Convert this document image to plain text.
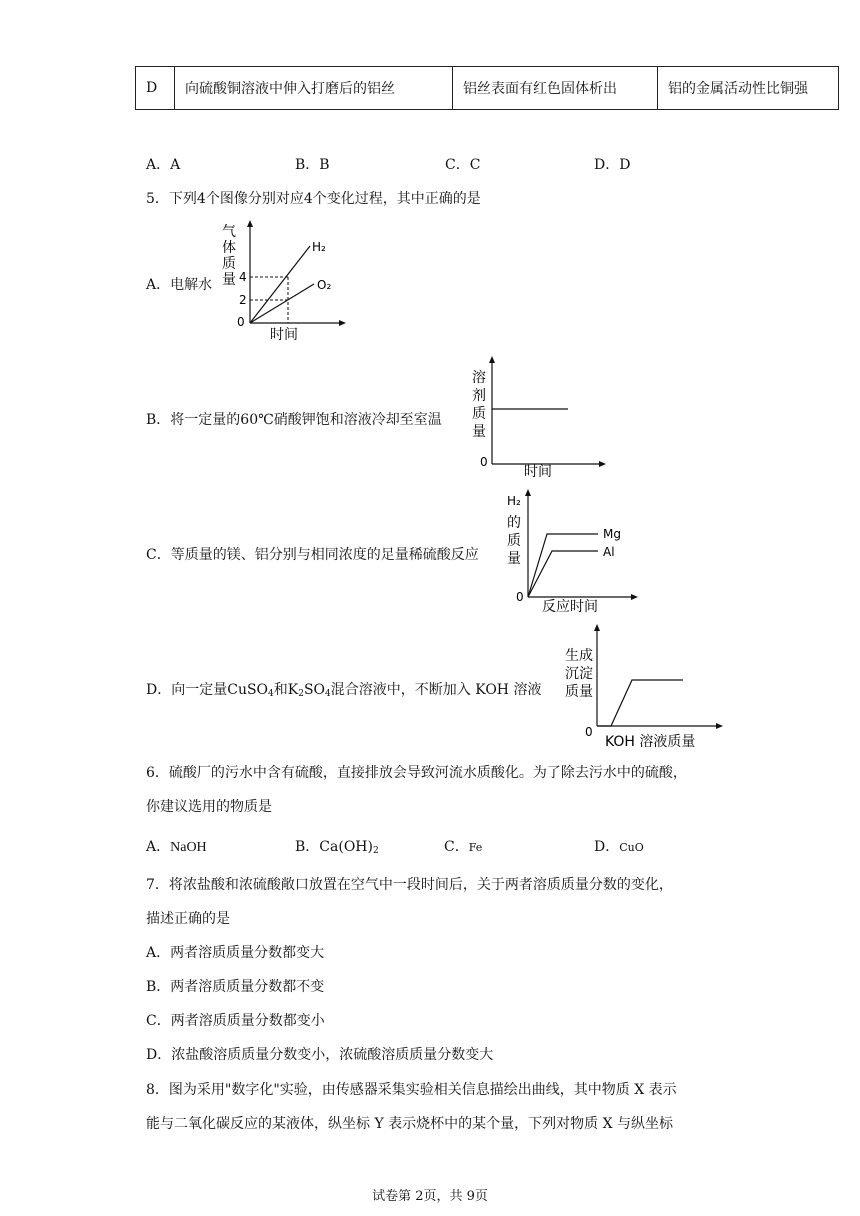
D	向硫酸铜溶液中伸入打磨后的铝丝	铝丝表面有红色固体析出	铝的金属活动性比铜强
A．A	B．B	C．C	D．D
5．下列4个图像分别对应4个变化过程，其中正确的是
A．电解水
H₂
O₂
4
2
0
时间
气体质量
B．将一定量的60℃硝酸钾饱和溶液冷却至室温
0
时间
溶剂质量
C．等质量的镁、铝分别与相同浓度的足量稀硫酸反应
Mg
Al
0
反应时间
H₂
的质量
D．向一定量CuSO$_4$和$K_2SO_4$混合溶液中，不断加入 KOH 溶液
0
KOH 溶液质量
生成沉淀质量
6．硫酸厂的污水中含有硫酸，直接排放会导致河流水质酸化。为了除去污水中的硫酸，
你建议选用的物质是
A．NaOH	B．$Ca(OH)_2$	C．Fe	D．CuO
7．将浓盐酸和浓硫酸敞口放置在空气中一段时间后，关于两者溶质质量分数的变化，
描述正确的是
A．两者溶质质量分数都变大
B．两者溶质质量分数都不变
C．两者溶质质量分数都变小
D．浓盐酸溶质质量分数变小，浓硫酸溶质质量分数变大
8．图为采用"数字化"实验，由传感器采集实验相关信息描绘出曲线，其中物质 X 表示
能与二氧化碳反应的某液体，纵坐标 Y 表示烧杯中的某个量，下列对物质 X 与纵坐标
试卷第 2页，共 9页
